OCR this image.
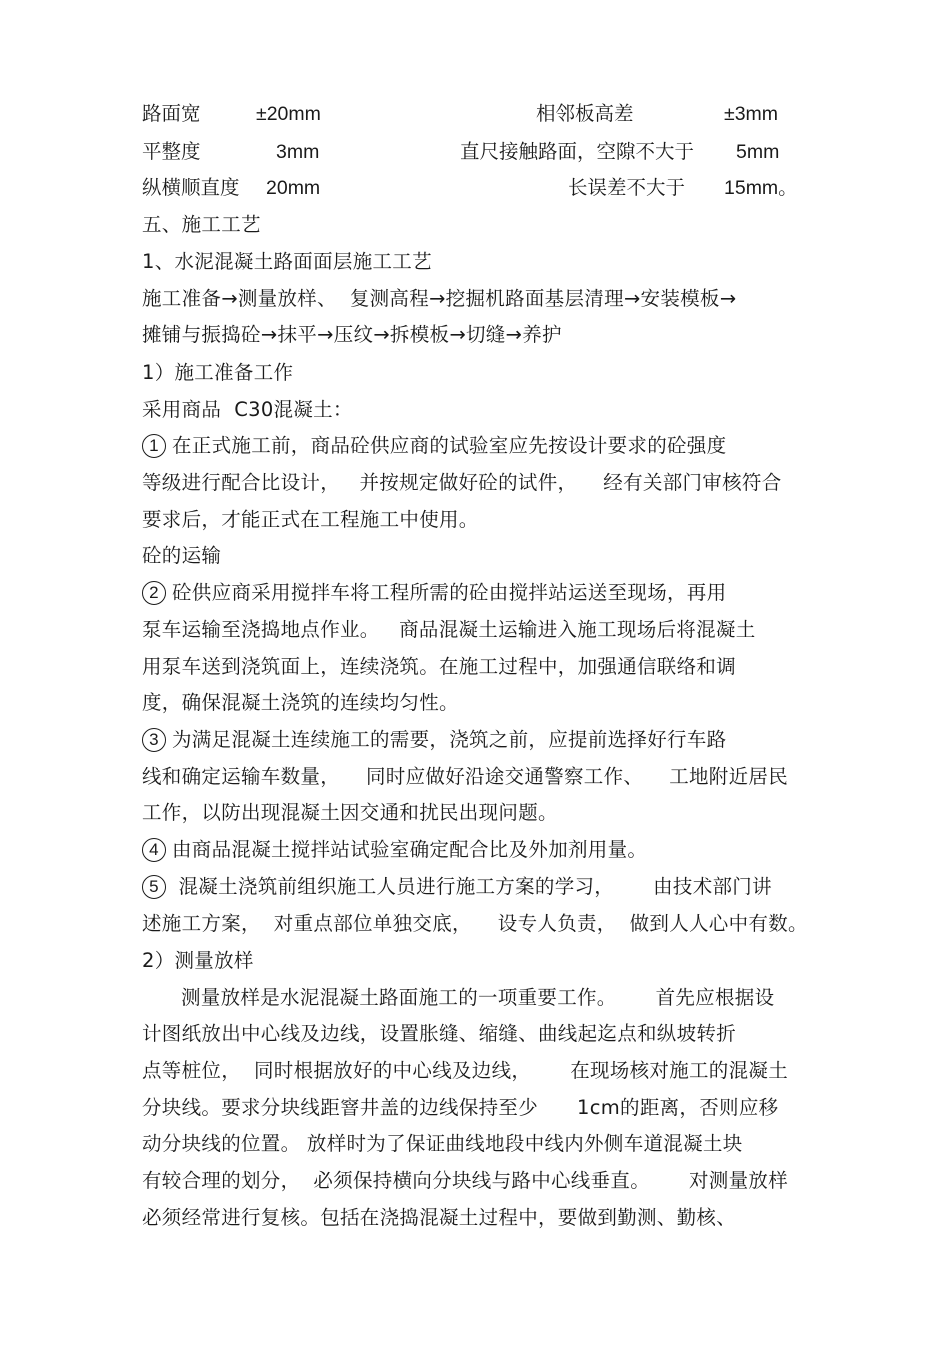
路面宽	±20mm	相邻板高差	±3mm
平整度	3mm	直尺接触路面，空隙不大于 5mm
纵横顺直度 20mm	长误差不大于 15mm。
五、施工工艺
1、水泥混凝土路面面层施工工艺
施工准备→测量放样、  复测高程→挖掘机路面基层清理→安装模板→
摊铺与振捣砼→抹平→压纹→拆模板→切缝→养护
1）施工准备工作
采用商品  C30混凝土：
1 在正式施工前，商品砼供应商的试验室应先按设计要求的砼强度
等级进行配合比设计，   并按规定做好砼的试件，    经有关部门审核符合
要求后，才能正式在工程施工中使用。
砼的运输
2 砼供应商采用搅拌车将工程所需的砼由搅拌站运送至现场，再用
泵车运输至浇捣地点作业。   商品混凝土运输进入施工现场后将混凝土
用泵车送到浇筑面上，连续浇筑。在施工过程中，加强通信联络和调
度，确保混凝土浇筑的连续均匀性。
3 为满足混凝土连续施工的需要，浇筑之前，应提前选择好行车路
线和确定运输车数量，    同时应做好沿途交通警察工作、    工地附近居民
工作，以防出现混凝土因交通和扰民出现问题。
4 由商品混凝土搅拌站试验室确定配合比及外加剂用量。
5 混凝土浇筑前组织施工人员进行施工方案的学习，      由技术部门讲
述施工方案，  对重点部位单独交底，    设专人负责，  做到人人心中有数。
2）测量放样
测量放样是水泥混凝土路面施工的一项重要工作。      首先应根据设
计图纸放出中心线及边线，设置胀缝、缩缝、曲线起迄点和纵坡转折
点等桩位，  同时根据放好的中心线及边线，      在现场核对施工的混凝土
分块线。要求分块线距窨井盖的边线保持至少      1cm的距离，否则应移
动分块线的位置。 放样时为了保证曲线地段中线内外侧车道混凝土块
有较合理的划分，  必须保持横向分块线与路中心线垂直。      对测量放样
必须经常进行复核。包括在浇捣混凝土过程中，要做到勤测、勤核、
